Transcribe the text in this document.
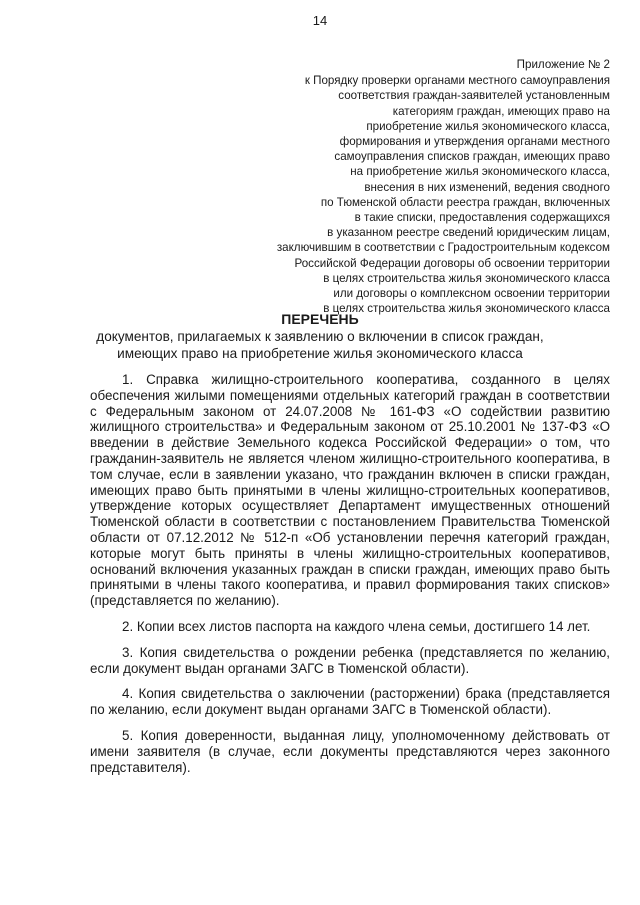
14
Приложение № 2
к Порядку проверки органами местного самоуправления
соответствия граждан-заявителей установленным
категориям граждан, имеющих право на
приобретение жилья экономического класса,
формирования и утверждения органами местного
самоуправления списков граждан, имеющих право
на приобретение жилья экономического класса,
внесения в них изменений, ведения сводного
по Тюменской области реестра граждан, включенных
в такие списки, предоставления содержащихся
в указанном реестре сведений юридическим лицам,
заключившим в соответствии с Градостроительным кодексом
Российской Федерации договоры об освоении территории
в целях строительства жилья экономического класса
или договоры о комплексном освоении территории
в целях строительства жилья экономического класса
ПЕРЕЧЕНЬ
документов, прилагаемых к заявлению о включении в список граждан,
имеющих право на приобретение жилья экономического класса

1. Справка жилищно-строительного кооператива, созданного в целях обеспечения жилыми помещениями отдельных категорий граждан в соответствии с Федеральным законом от 24.07.2008 № 161-ФЗ «О содействии развитию жилищного строительства» и Федеральным законом от 25.10.2001 № 137-ФЗ «О введении в действие Земельного кодекса Российской Федерации» о том, что гражданин-заявитель не является членом жилищно-строительного кооператива, в том случае, если в заявлении указано, что гражданин включен в списки граждан, имеющих право быть принятыми в члены жилищно-строительных кооперативов, утверждение которых осуществляет Департамент имущественных отношений Тюменской области в соответствии с постановлением Правительства Тюменской области от 07.12.2012 № 512-п «Об установлении перечня категорий граждан, которые могут быть приняты в члены жилищно-строительных кооперативов, оснований включения указанных граждан в списки граждан, имеющих право быть принятыми в члены такого кооператива, и правил формирования таких списков» (представляется по желанию).

2. Копии всех листов паспорта на каждого члена семьи, достигшего 14 лет.

3. Копия свидетельства о рождении ребенка (представляется по желанию, если документ выдан органами ЗАГС в Тюменской области).

4. Копия свидетельства о заключении (расторжении) брака (представляется по желанию, если документ выдан органами ЗАГС в Тюменской области).

5. Копия доверенности, выданная лицу, уполномоченному действовать от имени заявителя (в случае, если документы представляются через законного представителя).
